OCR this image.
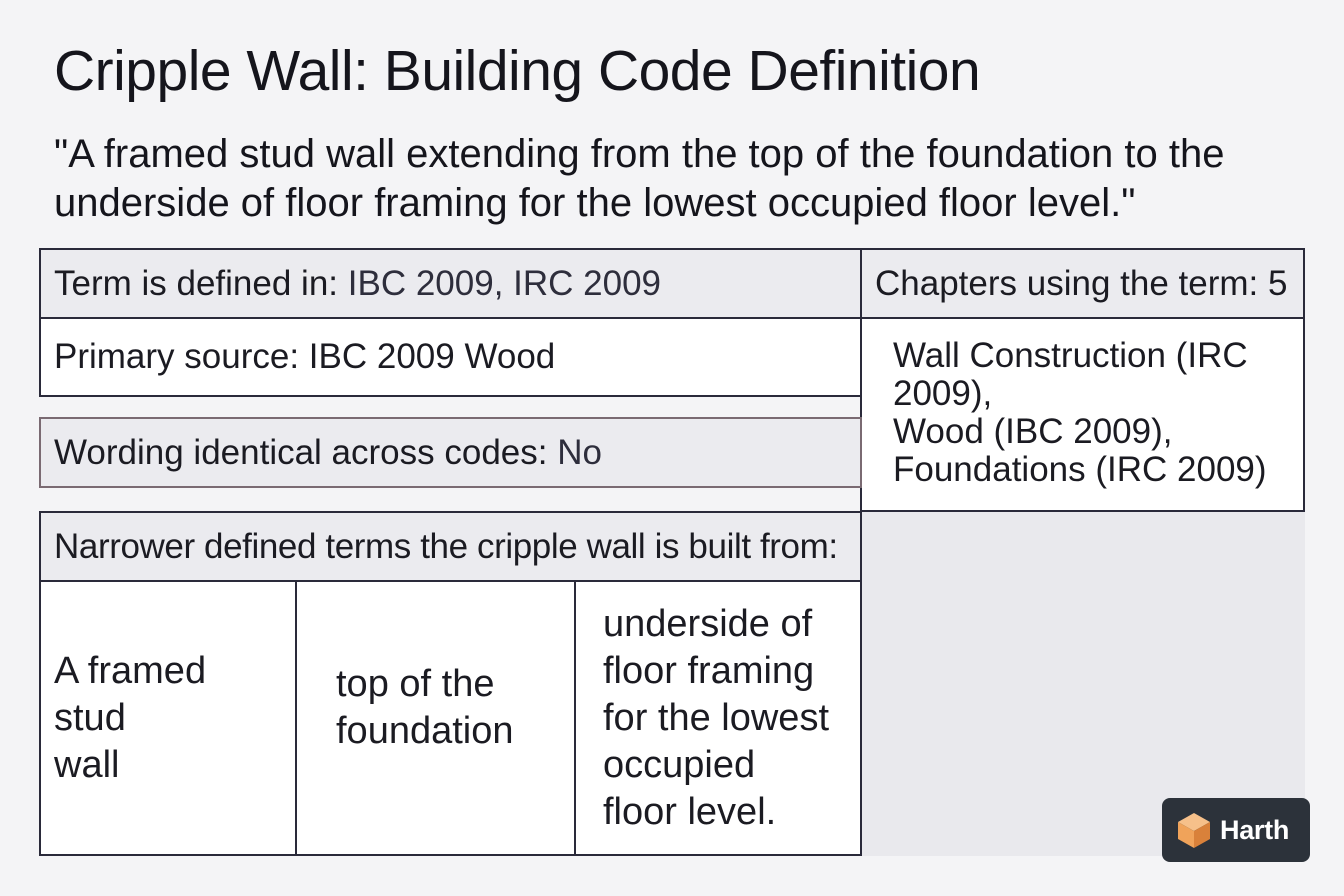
Cripple Wall: Building Code Definition

"A framed stud wall extending from the top of the foundation to the underside of floor framing for the lowest occupied floor level."

Term is defined in: IBC 2009, IRC 2009	Chapters using the term: 5
Wall Construction (IRC
2009),
Wood (IBC 2009),
Foundations (IRC 2009)
Primary source: IBC 2009 Wood
Wording identical across codes: No
Narrower defined terms the cripple wall is built from:
A framed stud
wall
top of the
foundation
underside of
floor framing
for the lowest
occupied
floor level.	Harth
